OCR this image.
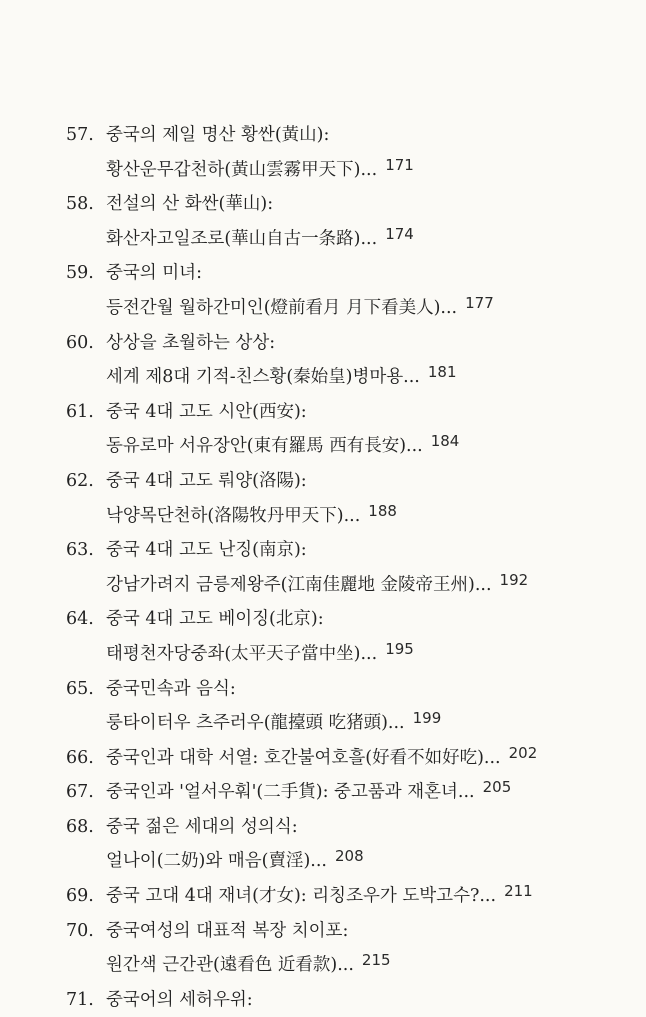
57. 중국의 제일 명산 황싼(黃山):
황산운무갑천하(黃山雲霧甲天下)... 171
58. 전설의 산 화싼(華山):
화산자고일조로(華山自古一条路)... 174
59. 중국의 미녀:
등전간월 월하간미인(燈前看月 月下看美人)... 177
60. 상상을 초월하는 상상:
세계 제8대 기적-친스황(秦始皇)병마용... 181
61. 중국 4대 고도 시안(西安):
동유로마 서유장안(東有羅馬 西有長安)... 184
62. 중국 4대 고도 뤄양(洛陽):
낙양목단천하(洛陽牧丹甲天下)... 188
63. 중국 4대 고도 난징(南京):
강남가려지 금릉제왕주(江南佳麗地 金陵帝王州)... 192
64. 중국 4대 고도 베이징(北京):
태평천자당중좌(太平天子當中坐)... 195
65. 중국민속과 음식:
룽타이터우 츠주러우(龍擡頭 吃猪頭)... 199
66. 중국인과 대학 서열: 호간불여호흘(好看不如好吃)... 202
67. 중국인과 '얼서우훠'(二手貨): 중고품과 재혼녀... 205
68. 중국 젊은 세대의 성의식:
얼나이(二奶)와 매음(賣淫)... 208
69. 중국 고대 4대 재녀(才女): 리칭조우가 도박고수?... 211
70. 중국여성의 대표적 복장 치이포:
원간색 근간관(遠看色 近看款)... 215
71. 중국어의 세허우위:
